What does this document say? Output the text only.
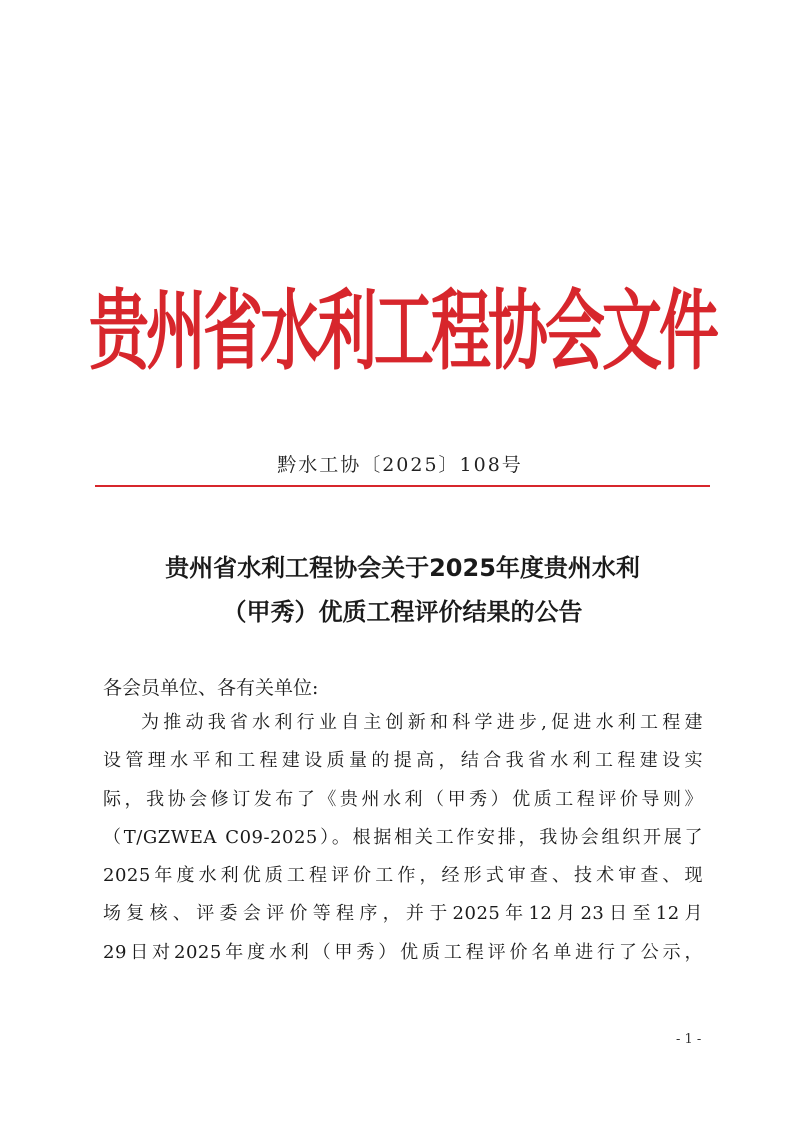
贵州省水利工程协会文件
黔水工协〔2025〕108号
贵州省水利工程协会关于2025年度贵州水利
（甲秀）优质工程评价结果的公告
各会员单位、各有关单位:
为推动我省水利行业自主创新和科学进步,促进水利工程建
设管理水平和工程建设质量的提高，结合我省水利工程建设实
际，我协会修订发布了《贵州水利（甲秀）优质工程评价导则》
（T/GZWEA C09-2025）。根据相关工作安排，我协会组织开展了
2025年度水利优质工程评价工作，经形式审查、技术审查、现
场复核、评委会评价等程序，并于2025年12月23日至12月
29日对2025年度水利（甲秀）优质工程评价名单进行了公示，
- 1 -
